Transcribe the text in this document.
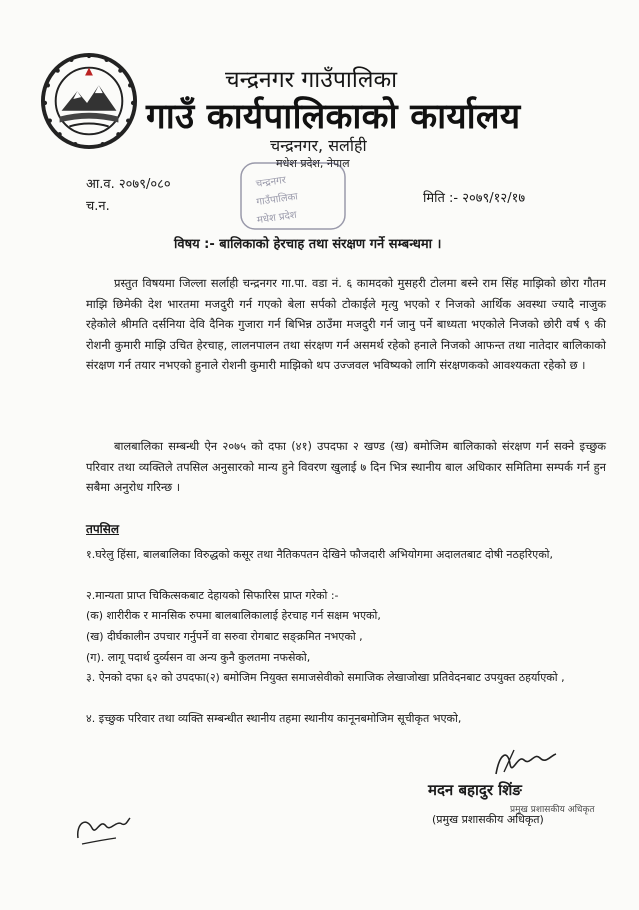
चन्द्रनगर गाउँपालिका
गाउँ कार्यपालिकाको कार्यालय
चन्द्रनगर, सर्लाही
मधेश प्रदेश, नेपाल
चन्द्रनगर
गाउँपालिका
मधेश प्रदेश
आ.व. २०७९/०८०
च.न.
मिति :- २०७९/१२/१७
विषय :- बालिकाको हेरचाह तथा संरक्षण गर्ने सम्बन्धमा ।

प्रस्तुत विषयमा जिल्ला सर्लाही चन्द्रनगर गा.पा. वडा नं. ६ कामदको मुसहरी टोलमा बस्ने राम सिंह माझिको छोरा गौतम माझि छिमेकी देश भारतमा मजदुरी गर्न गएको बेला सर्पको टोकाईले मृत्यु भएको र निजको आर्थिक अवस्था ज्यादै नाजुक रहेकोले श्रीमति दर्सनिया देवि दैनिक गुजारा गर्न बिभिन्न ठाउँमा मजदुरी गर्न जानु पर्ने बाध्यता भएकोले निजको छोरी वर्ष ९ की रोशनी कुमारी माझि उचित हेरचाह, लालनपालन तथा संरक्षण गर्न असमर्थ रहेको हनाले निजको आफन्त तथा नातेदार बालिकाको संरक्षण गर्न तयार नभएको हुनाले रोशनी कुमारी माझिको थप उज्जवल भविष्यको लागि संरक्षणकको आवश्यकता रहेको छ ।

बालबालिका सम्बन्धी ऐन २०७५ को दफा (४१) उपदफा २ खण्ड (ख) बमोजिम बालिकाको संरक्षण गर्न सक्ने इच्छुक परिवार तथा व्यक्तिले तपसिल अनुसारको मान्य हुने विवरण खुलाई ७ दिन भित्र स्थानीय बाल अधिकार समितिमा सम्पर्क गर्न हुन सबैमा अनुरोध गरिन्छ ।

तपसिल

१.घरेलु हिंसा, बालबालिका विरुद्धको कसूर तथा नैतिकपतन देखिने फौजदारी अभियोगमा अदालतबाट दोषी नठहरिएको,

२.मान्यता प्राप्त चिकित्सकबाट देहायको सिफारिस प्राप्त गरेको :-

(क) शारीरीक र मानसिक रुपमा बालबालिकालाई हेरचाह गर्न सक्षम भएको,

(ख) दीर्घकालीन उपचार गर्नुपर्ने वा सरुवा रोगबाट सङ्क्रमित नभएको ,

(ग). लागू पदार्थ दुर्व्यसन वा अन्य कुनै कुलतमा नफसेको,

३. ऐनको दफा ६२ को उपदफा(२) बमोजिम नियुक्त समाजसेवीको समाजिक लेखाजोखा प्रतिवेदनबाट उपयुक्त ठहर्याएको ,

४. इच्छुक परिवार तथा व्यक्ति सम्बन्धीत स्थानीय तहमा स्थानीय कानूनबमोजिम सूचीकृत भएको,

मदन बहादुर शिंङ
प्रमुख प्रशासकीय अधिकृत
(प्रमुख प्रशासकीय अधिकृत)
